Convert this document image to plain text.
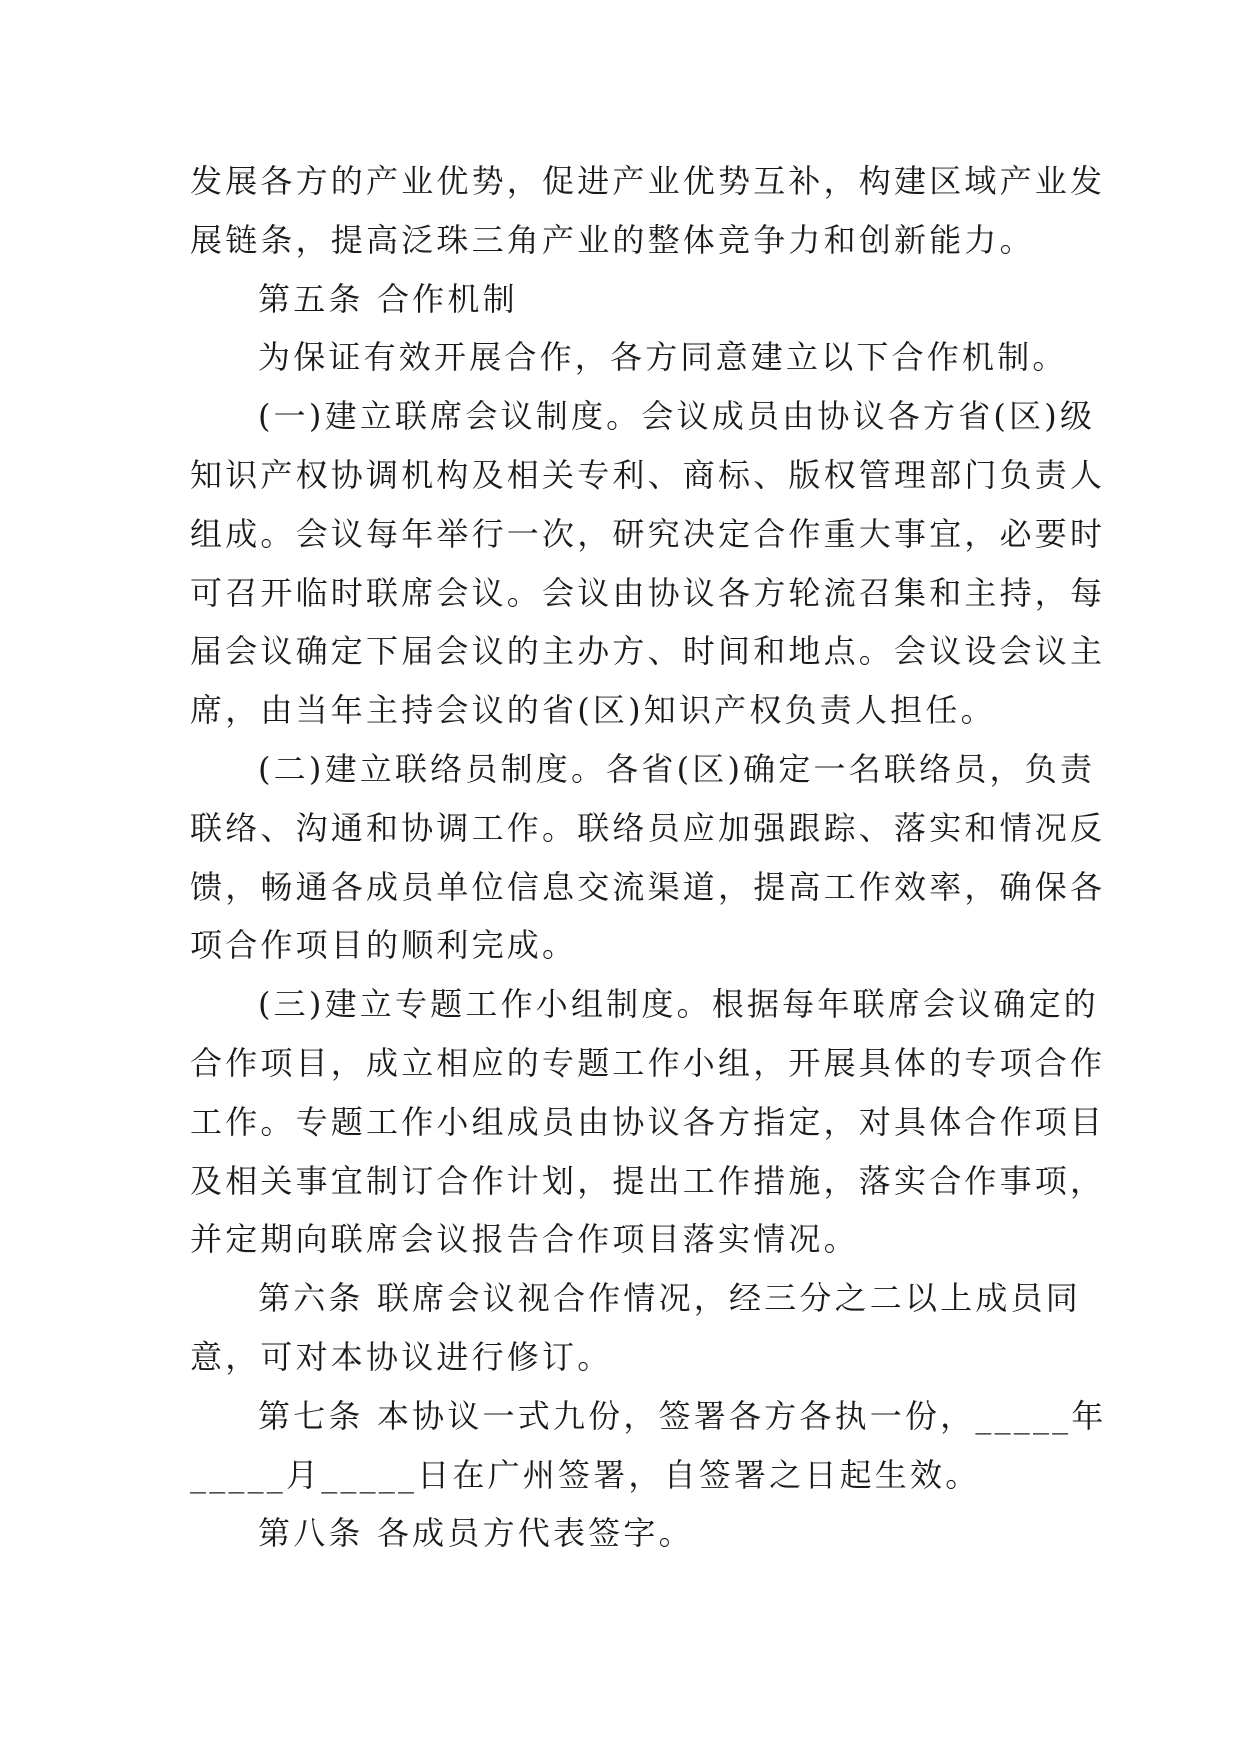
发展各方的产业优势，促进产业优势互补，构建区域产业发
展链条，提高泛珠三角产业的整体竞争力和创新能力。
第五条 合作机制
为保证有效开展合作，各方同意建立以下合作机制。
(一)建立联席会议制度。会议成员由协议各方省(区)级
知识产权协调机构及相关专利、商标、版权管理部门负责人
组成。会议每年举行一次，研究决定合作重大事宜，必要时
可召开临时联席会议。会议由协议各方轮流召集和主持，每
届会议确定下届会议的主办方、时间和地点。会议设会议主
席，由当年主持会议的省(区)知识产权负责人担任。
(二)建立联络员制度。各省(区)确定一名联络员，负责
联络、沟通和协调工作。联络员应加强跟踪、落实和情况反
馈，畅通各成员单位信息交流渠道，提高工作效率，确保各
项合作项目的顺利完成。
(三)建立专题工作小组制度。根据每年联席会议确定的
合作项目，成立相应的专题工作小组，开展具体的专项合作
工作。专题工作小组成员由协议各方指定，对具体合作项目
及相关事宜制订合作计划，提出工作措施，落实合作事项，
并定期向联席会议报告合作项目落实情况。
第六条 联席会议视合作情况，经三分之二以上成员同
意，可对本协议进行修订。
第七条 本协议一式九份，签署各方各执一份，_____年
_____月_____日在广州签署，自签署之日起生效。
第八条 各成员方代表签字。
